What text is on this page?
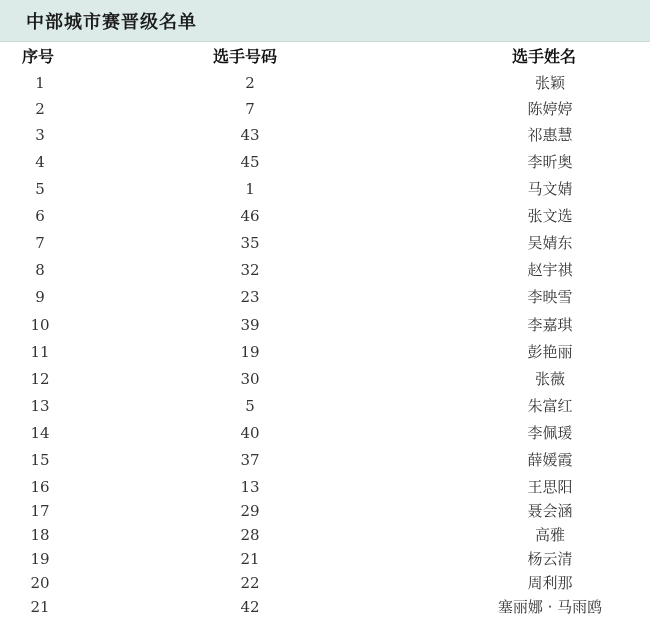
中部城市赛晋级名单
序号	选手号码	选手姓名
1	2	张颖
2	7	陈婷婷
3	43	祁惠慧
4	45	李昕奥
5	1	马文婧
6	46	张文选
7	35	吴婧东
8	32	赵宇祺
9	23	李映雪
10	39	李嘉琪
11	19	彭艳丽
12	30	张薇
13	5	朱富红
14	40	李佩瑗
15	37	薛媛霞
16	13	王思阳
17	29	聂会涵
18	28	高雅
19	21	杨云清
20	22	周利那
21	42	塞丽娜 · 马雨鸥
